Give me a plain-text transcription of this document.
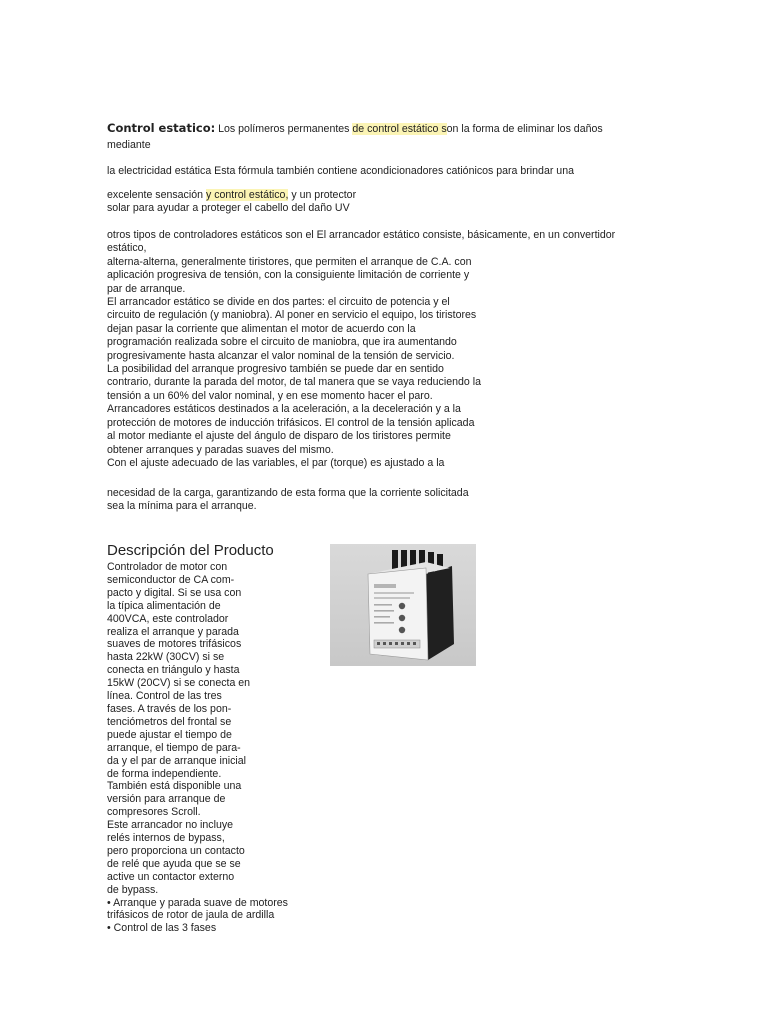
Control estatico: Los polímeros permanentes de control estático son la forma de eliminar los daños
mediante
la electricidad estática Esta fórmula también contiene acondicionadores catiónicos para brindar una
excelente sensación y control estático, y un protector
solar para ayudar a proteger el cabello del daño UV
otros tipos de controladores estáticos son el El arrancador estático consiste, básicamente, en un convertidor
estático,
alterna-alterna, generalmente tiristores, que permiten el arranque de C.A. con
aplicación progresiva de tensión, con la consiguiente limitación de corriente y
par de arranque.
El arrancador estático se divide en dos partes: el circuito de potencia y el
circuito de regulación (y maniobra). Al poner en servicio el equipo, los tiristores
dejan pasar la corriente que alimentan el motor de acuerdo con la
programación realizada sobre el circuito de maniobra, que ira aumentando
progresivamente hasta alcanzar el valor nominal de la tensión de servicio.
La posibilidad del arranque progresivo también se puede dar en sentido
contrario, durante la parada del motor, de tal manera que se vaya reduciendo la
tensión a un 60% del valor nominal, y en ese momento hacer el paro.
Arrancadores estáticos destinados a la aceleración, a la deceleración y a la
protección de motores de inducción trifásicos. El control de la tensión aplicada
al motor mediante el ajuste del ángulo de disparo de los tiristores permite
obtener arranques y paradas suaves del mismo.
Con el ajuste adecuado de las variables, el par (torque) es ajustado a la
necesidad de la carga, garantizando de esta forma que la corriente solicitada
sea la mínima para el arranque.
Descripción del Producto
Controlador de motor con
semiconductor de CA com-
pacto y digital. Si se usa con
la típica alimentación de
400VCA, este controlador
realiza el arranque y parada
suaves de motores trifásicos
hasta 22kW (30CV) si se
conecta en triángulo y hasta
15kW (20CV) si se conecta en
línea. Control de las tres
fases. A través de los pon-
tenciómetros del frontal se
puede ajustar el tiempo de
arranque, el tiempo de para-
da y el par de arranque inicial
de forma independiente.
También está disponible una
versión para arranque de
compresores Scroll.
Este arrancador no incluye
relés internos de bypass,
pero proporciona un contacto
de relé que ayuda que se se
active un contactor externo
de bypass.
• Arranque y parada suave de motores
trifásicos de rotor de jaula de ardilla
• Control de las 3 fases
